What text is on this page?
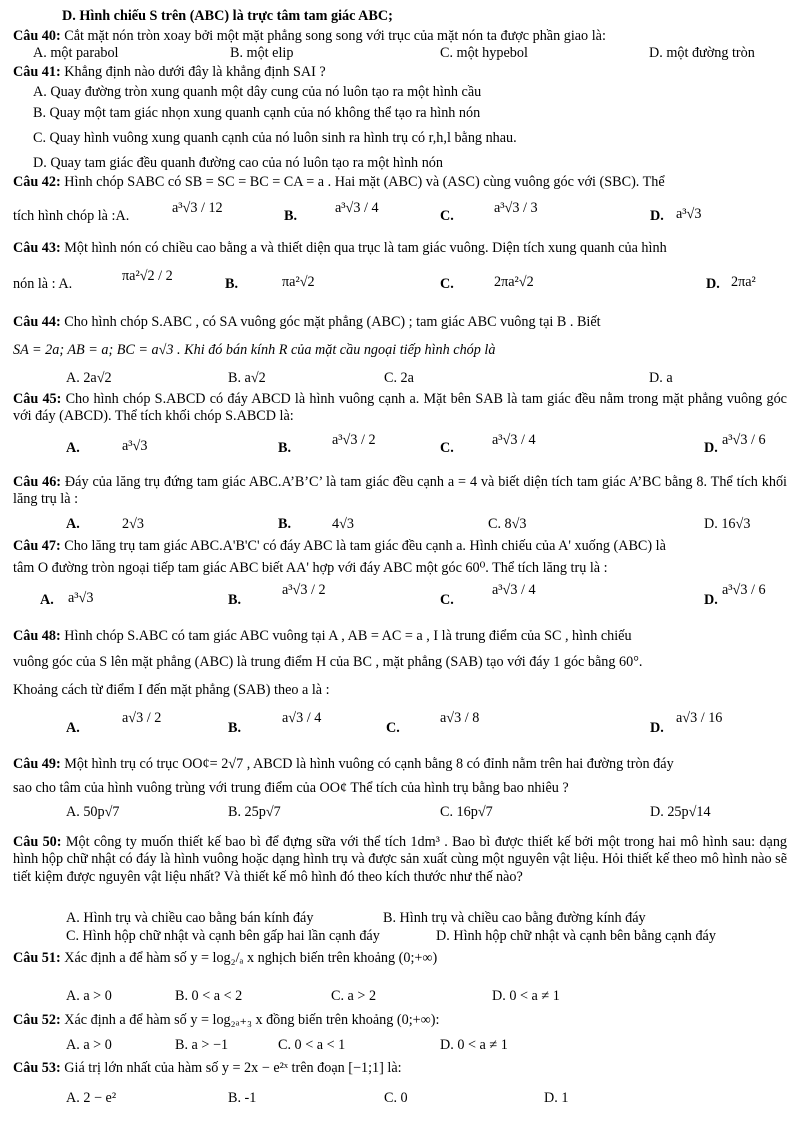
D. Hình chiếu S trên (ABC) là trực tâm tam giác ABC;
Câu 40: Cắt mặt nón tròn xoay bởi một mặt phẳng song song với trục của mặt nón ta được phần giao là:
A. một parabol	B. một elip	C. một hypebol	D. một đường tròn
Câu 41: Khẳng định nào dưới đây là khẳng định SAI ?
A. Quay đường tròn xung quanh một dây cung của nó luôn tạo ra một hình cầu
B. Quay một tam giác nhọn xung quanh cạnh của nó không thể tạo ra hình nón
C. Quay hình vuông xung quanh cạnh của nó luôn sinh ra hình trụ có r,h,l bằng nhau.
D. Quay tam giác đều quanh đường cao của nó luôn tạo ra một hình nón
Câu 42: Hình chóp SABC có SB = SC = BC = CA = a . Hai mặt (ABC) và (ASC) cùng vuông góc với (SBC). Thể
tích hình chóp là :A.	a³√3 / 12	B.	a³√3 / 4	C.	a³√3 / 3	D. a³√3
Câu 43: Một hình nón có chiều cao bằng a và thiết diện qua trục là tam giác vuông. Diện tích xung quanh của hình
nón là : A.	πa²√2 / 2	B.	πa²√2	C.	2πa²√2	D. 2πa²
Câu 44: Cho hình chóp S.ABC , có SA vuông góc mặt phẳng (ABC) ; tam giác ABC vuông tại B . Biết
SA = 2a; AB = a; BC = a√3 . Khi đó bán kính R của mặt cầu ngoại tiếp hình chóp là
A. 2a√2	B. a√2	C. 2a	D. a
Câu 45: Cho hình chóp S.ABCD có đáy ABCD là hình vuông cạnh a. Mặt bên SAB là tam giác đều nằm trong mặt phẳng vuông góc với đáy (ABCD). Thể tích khối chóp S.ABCD là:
A.	a³√3	B.	a³√3 / 2	C.	a³√3 / 4	D. a³√3 / 6
Câu 46: Đáy của lăng trụ đứng tam giác ABC.A’B’C’ là tam giác đều cạnh a = 4 và biết diện tích tam giác A’BC bằng 8. Thể tích khối lăng trụ là :
A.	2√3	B.	4√3	C. 8√3	D. 16√3
Câu 47: Cho lăng trụ tam giác ABC.A'B'C' có đáy ABC là tam giác đều cạnh a. Hình chiếu của A' xuống (ABC) là
tâm O đường tròn ngoại tiếp tam giác ABC biết AA' hợp với đáy ABC một góc 60⁰. Thể tích lăng trụ là :
A. a³√3	B.
a³√3 / 2
C.
a³√3 / 4
D.
a³√3 / 6
Câu 48: Hình chóp S.ABC có tam giác ABC vuông tại A , AB = AC = a , I là trung điểm của SC , hình chiếu
vuông góc của S lên mặt phẳng (ABC) là trung điểm H của BC , mặt phẳng (SAB) tạo với đáy 1 góc bằng 60°.
Khoảng cách từ điểm I đến mặt phẳng (SAB) theo a là :
A.
a√3 / 2
B.
a√3 / 4
C.
a√3 / 8
D.
a√3 / 16
Câu 49: Một hình trụ có trục OO¢= 2√7 , ABCD là hình vuông có cạnh bằng 8 có đỉnh nằm trên hai đường tròn đáy
sao cho tâm của hình vuông trùng với trung điểm của OO¢ Thể tích của hình trụ bằng bao nhiêu ?
A. 50p√7	B. 25p√7	C. 16p√7	D. 25p√14
Câu 50: Một công ty muốn thiết kế bao bì để đựng sữa với thể tích 1dm³ . Bao bì được thiết kế bởi một trong hai mô hình sau: dạng hình hộp chữ nhật có đáy là hình vuông hoặc dạng hình trụ và được sản xuất cùng một nguyên vật liệu. Hỏi thiết kế theo mô hình nào sẽ tiết kiệm được nguyên vật liệu nhất? Và thiết kế mô hình đó theo kích thước như thế nào?
A. Hình trụ và chiều cao bằng bán kính đáy	B. Hình trụ và chiều cao bằng đường kính đáy
C. Hình hộp chữ nhật và cạnh bên gấp hai lần cạnh đáy	D. Hình hộp chữ nhật và cạnh bên bằng cạnh đáy
Câu 51: Xác định a để hàm số y = log₂/ₐ x nghịch biến trên khoảng (0;+∞)
A. a > 0	B. 0 < a < 2	C. a > 2	D. 0 < a ≠ 1
Câu 52: Xác định a để hàm số y = log₂ₐ₊₃ x đồng biến trên khoảng (0;+∞):
A. a > 0	B. a > −1	C. 0 < a < 1	D. 0 < a ≠ 1
Câu 53: Giá trị lớn nhất của hàm số y = 2x − e²ˣ trên đoạn [−1;1] là:
A. 2 − e²	B. -1	C. 0	D. 1
